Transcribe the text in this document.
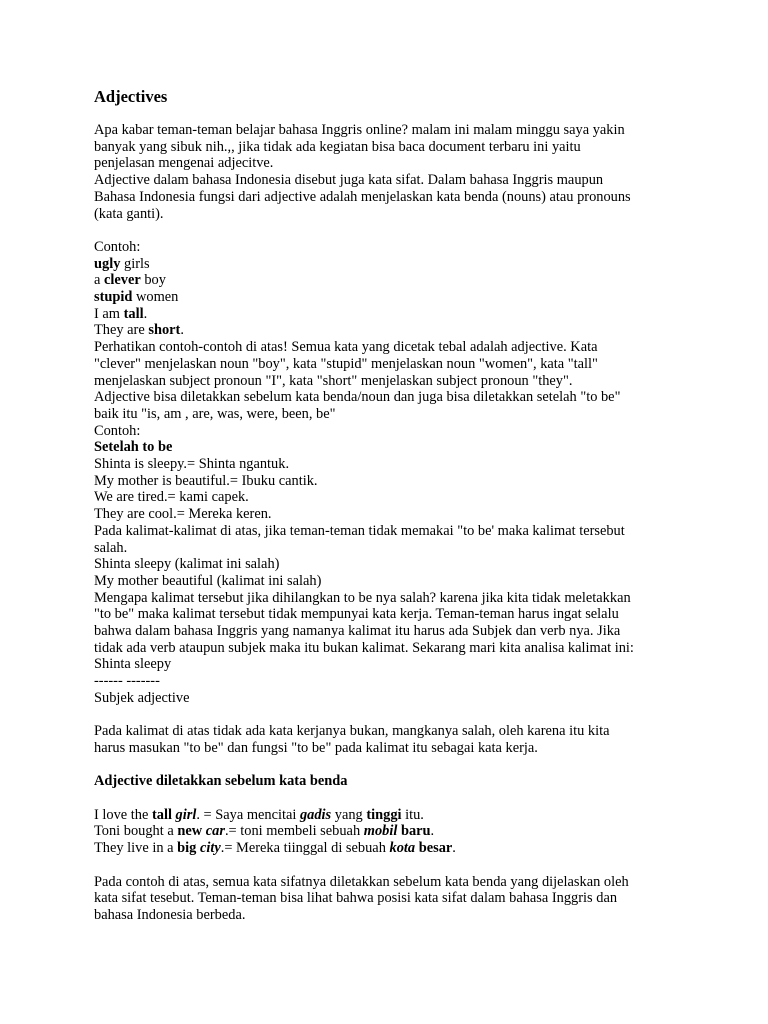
Adjectives
Apa kabar teman-teman belajar bahasa Inggris online? malam ini malam minggu saya yakin
banyak yang sibuk nih.,, jika tidak ada kegiatan bisa baca document terbaru ini yaitu
penjelasan mengenai adjecitve.
Adjective dalam bahasa Indonesia disebut juga kata sifat. Dalam bahasa Inggris maupun
Bahasa Indonesia fungsi dari adjective adalah menjelaskan kata benda (nouns) atau pronouns
(kata ganti).
Contoh:
ugly girls
a clever boy
stupid women
I am tall.
They are short.
Perhatikan contoh-contoh di atas! Semua kata yang dicetak tebal adalah adjective. Kata
"clever" menjelaskan noun "boy", kata "stupid" menjelaskan noun "women", kata "tall"
menjelaskan subject pronoun "I", kata "short" menjelaskan subject pronoun "they".
Adjective bisa diletakkan sebelum kata benda/noun dan juga bisa diletakkan setelah "to be"
baik itu "is, am , are, was, were, been, be"
Contoh:
Setelah to be
Shinta is sleepy.= Shinta ngantuk.
My mother is beautiful.= Ibuku cantik.
We are tired.= kami capek.
They are cool.= Mereka keren.
Pada kalimat-kalimat di atas, jika teman-teman tidak memakai "to be' maka kalimat tersebut
salah.
Shinta sleepy (kalimat ini salah)
My mother beautiful (kalimat ini salah)
Mengapa kalimat tersebut jika dihilangkan to be nya salah? karena jika kita tidak meletakkan
"to be" maka kalimat tersebut tidak mempunyai kata kerja. Teman-teman harus ingat selalu
bahwa dalam bahasa Inggris yang namanya kalimat itu harus ada Subjek dan verb nya. Jika
tidak ada verb ataupun subjek maka itu bukan kalimat. Sekarang mari kita analisa kalimat ini:
Shinta sleepy
------ -------
Subjek adjective
Pada kalimat di atas tidak ada kata kerjanya bukan, mangkanya salah, oleh karena itu kita
harus masukan "to be" dan fungsi "to be" pada kalimat itu sebagai kata kerja.
Adjective diletakkan sebelum kata benda
I love the tall girl. = Saya mencitai gadis yang tinggi itu.
Toni bought a new car.= toni membeli sebuah mobil baru.
They live in a big city.= Mereka tiinggal di sebuah kota besar.
Pada contoh di atas, semua kata sifatnya diletakkan sebelum kata benda yang dijelaskan oleh
kata sifat tesebut. Teman-teman bisa lihat bahwa posisi kata sifat dalam bahasa Inggris dan
bahasa Indonesia berbeda.
